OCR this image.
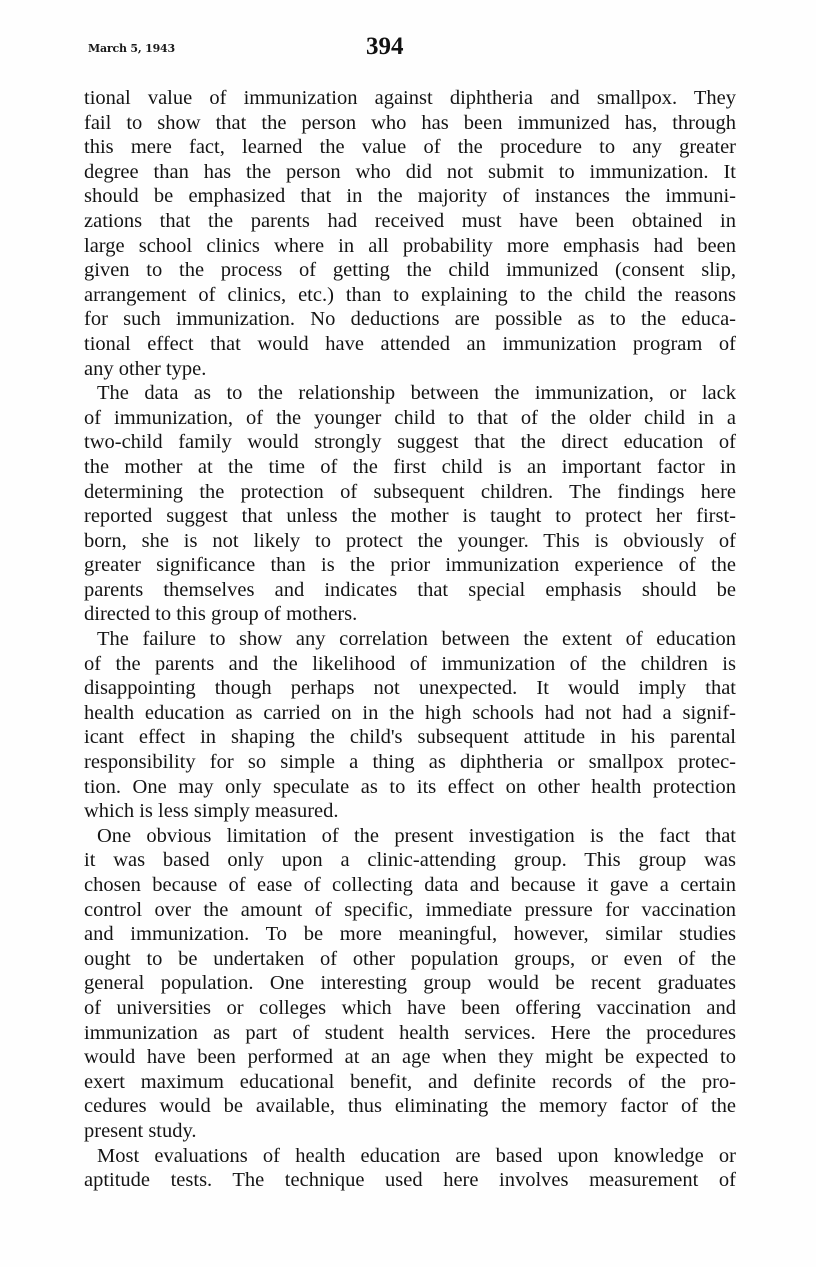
March 5, 1943	394
tional value of immunization against diphtheria and smallpox. They
fail to show that the person who has been immunized has, through
this mere fact, learned the value of the procedure to any greater
degree than has the person who did not submit to immunization. It
should be emphasized that in the majority of instances the immuni-
zations that the parents had received must have been obtained in
large school clinics where in all probability more emphasis had been
given to the process of getting the child immunized (consent slip,
arrangement of clinics, etc.) than to explaining to the child the reasons
for such immunization. No deductions are possible as to the educa-
tional effect that would have attended an immunization program of
any other type.
The data as to the relationship between the immunization, or lack
of immunization, of the younger child to that of the older child in a
two-child family would strongly suggest that the direct education of
the mother at the time of the first child is an important factor in
determining the protection of subsequent children. The findings here
reported suggest that unless the mother is taught to protect her first-
born, she is not likely to protect the younger. This is obviously of
greater significance than is the prior immunization experience of the
parents themselves and indicates that special emphasis should be
directed to this group of mothers.
The failure to show any correlation between the extent of education
of the parents and the likelihood of immunization of the children is
disappointing though perhaps not unexpected. It would imply that
health education as carried on in the high schools had not had a signif-
icant effect in shaping the child's subsequent attitude in his parental
responsibility for so simple a thing as diphtheria or smallpox protec-
tion. One may only speculate as to its effect on other health protection
which is less simply measured.
One obvious limitation of the present investigation is the fact that
it was based only upon a clinic-attending group. This group was
chosen because of ease of collecting data and because it gave a certain
control over the amount of specific, immediate pressure for vaccination
and immunization. To be more meaningful, however, similar studies
ought to be undertaken of other population groups, or even of the
general population. One interesting group would be recent graduates
of universities or colleges which have been offering vaccination and
immunization as part of student health services. Here the procedures
would have been performed at an age when they might be expected to
exert maximum educational benefit, and definite records of the pro-
cedures would be available, thus eliminating the memory factor of the
present study.
Most evaluations of health education are based upon knowledge or
aptitude tests. The technique used here involves measurement of
